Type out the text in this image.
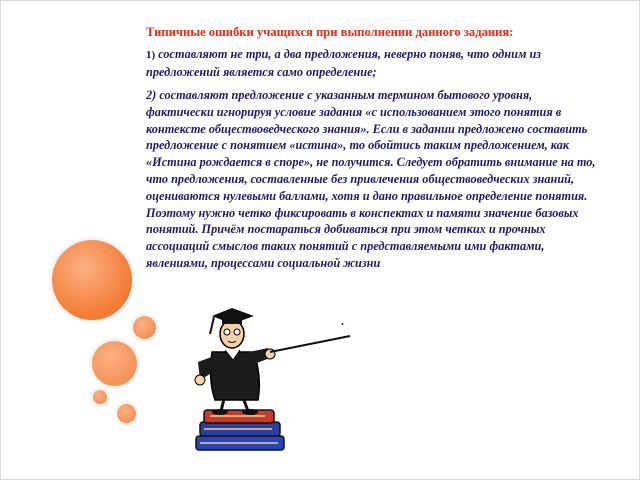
Типичные ошибки учащихся при выполнении данного задания:
1) составляют не три, а два предложения, неверно поняв, что одним из предложений является само определение;
2) составляют предложение с указанным термином бытового уровня, фактически игнорируя условие задания «с использованием этого понятия в контексте обществоведческого знания». Если в задании предложено составить предложение с понятием «истина», то обойтись таким предложением, как «Истина рождается в споре», не получится. Следует обратить внимание на то, что предложения, составленные без привлечения обществоведческих знаний, оцениваются нулевыми баллами, хотя и дано правильное определение понятия. Поэтому нужно четко фиксировать в конспектах и памяти значение базовых понятий. Причём постараться добиваться при этом четких и прочных ассоциаций смыслов таких понятий с представляемыми ими фактами, явлениями, процессами социальной жизни
.
